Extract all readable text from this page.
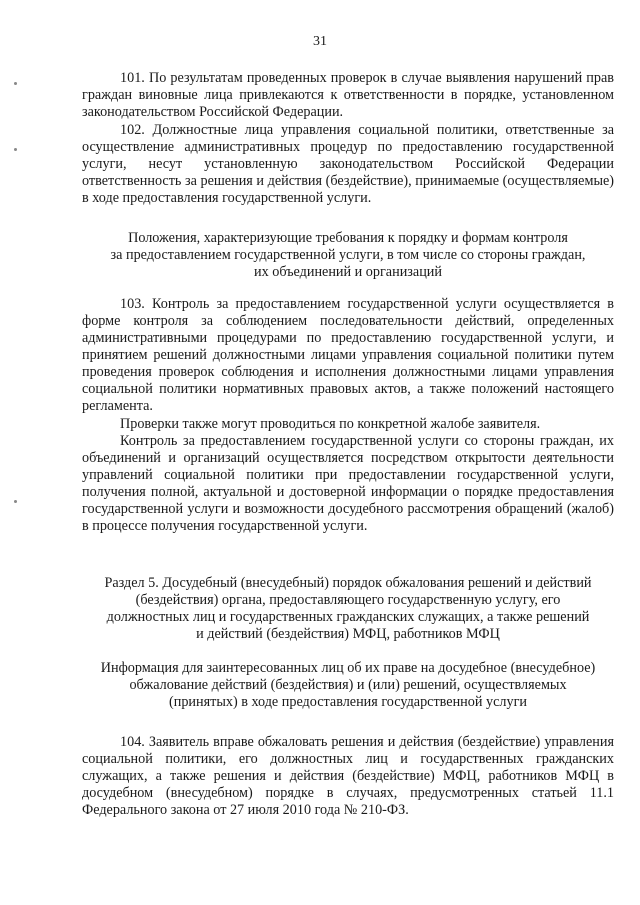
31

101. По результатам проведенных проверок в случае выявления нарушений прав граждан виновные лица привлекаются к ответственности в порядке, установленном законодательством Российской Федерации.

102. Должностные лица управления социальной политики, ответственные за осуществление административных процедур по предоставлению государственной услуги, несут установленную законодательством Российской Федерации ответственность за решения и действия (бездействие), принимаемые (осуществляемые) в ходе предоставления государственной услуги.

Положения, характеризующие требования к порядку и формам контроля

за предоставлением государственной услуги, в том числе со стороны граждан,

их объединений и организаций

103. Контроль за предоставлением государственной услуги осуществляется в форме контроля за соблюдением последовательности действий, определенных административными процедурами по предоставлению государственной услуги, и принятием решений должностными лицами управления социальной политики путем проведения проверок соблюдения и исполнения должностными лицами управления социальной политики нормативных правовых актов, а также положений настоящего регламента.

Проверки также могут проводиться по конкретной жалобе заявителя.

Контроль за предоставлением государственной услуги со стороны граждан, их объединений и организаций осуществляется посредством открытости деятельности управлений социальной политики при предоставлении государственной услуги, получения полной, актуальной и достоверной информации о порядке предоставления государственной услуги и возможности досудебного рассмотрения обращений (жалоб) в процессе получения государственной услуги.

Раздел 5. Досудебный (внесудебный) порядок обжалования решений и действий

(бездействия) органа, предоставляющего государственную услугу, его

должностных лиц и государственных гражданских служащих, а также решений

и действий (бездействия) МФЦ, работников МФЦ

Информация для заинтересованных лиц об их праве на досудебное (внесудебное)

обжалование действий (бездействия) и (или) решений, осуществляемых

(принятых) в ходе предоставления государственной услуги

104. Заявитель вправе обжаловать решения и действия (бездействие) управления социальной политики, его должностных лиц и государственных гражданских служащих, а также решения и действия (бездействие) МФЦ, работников МФЦ в досудебном (внесудебном) порядке в случаях, предусмотренных статьей 11.1 Федерального закона от 27 июля 2010 года № 210-ФЗ.
